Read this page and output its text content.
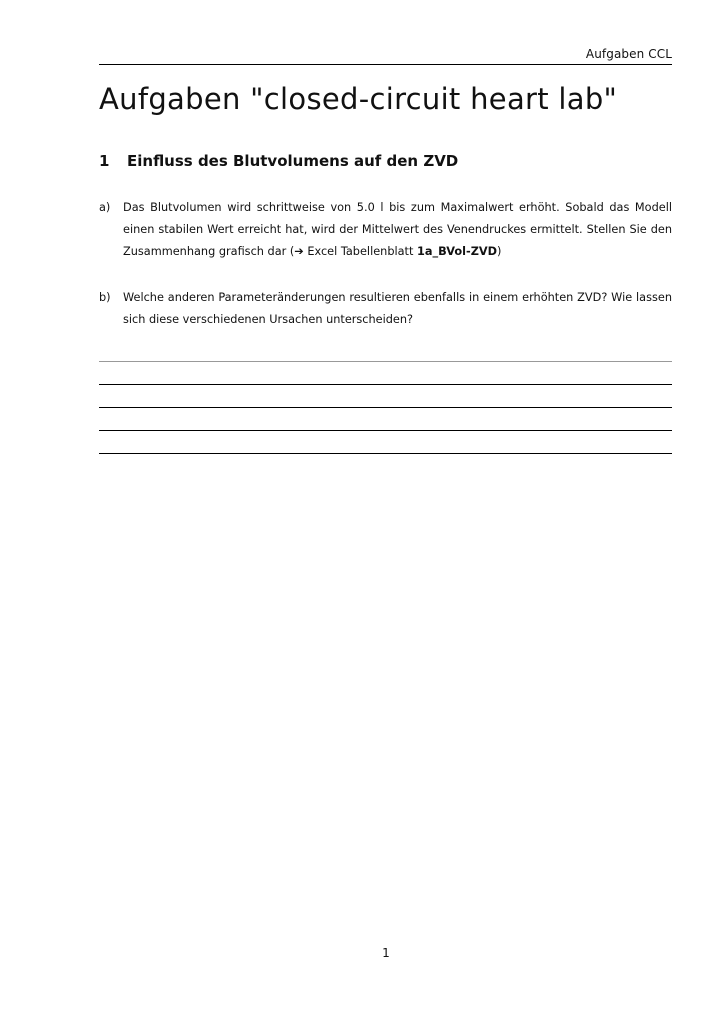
Aufgaben CCL
Aufgaben "closed-circuit heart lab"
1 Einfluss des Blutvolumens auf den ZVD
a) Das Blutvolumen wird schrittweise von 5.0 l bis zum Maximalwert erhöht. Sobald das Modell einen stabilen Wert erreicht hat, wird der Mittelwert des Venendruckes ermittelt. Stellen Sie den Zusammenhang grafisch dar (➔ Excel Tabellenblatt 1a_BVol-ZVD)
b) Welche anderen Parameteränderungen resultieren ebenfalls in einem erhöhten ZVD? Wie lassen sich diese verschiedenen Ursachen unterscheiden?
1
